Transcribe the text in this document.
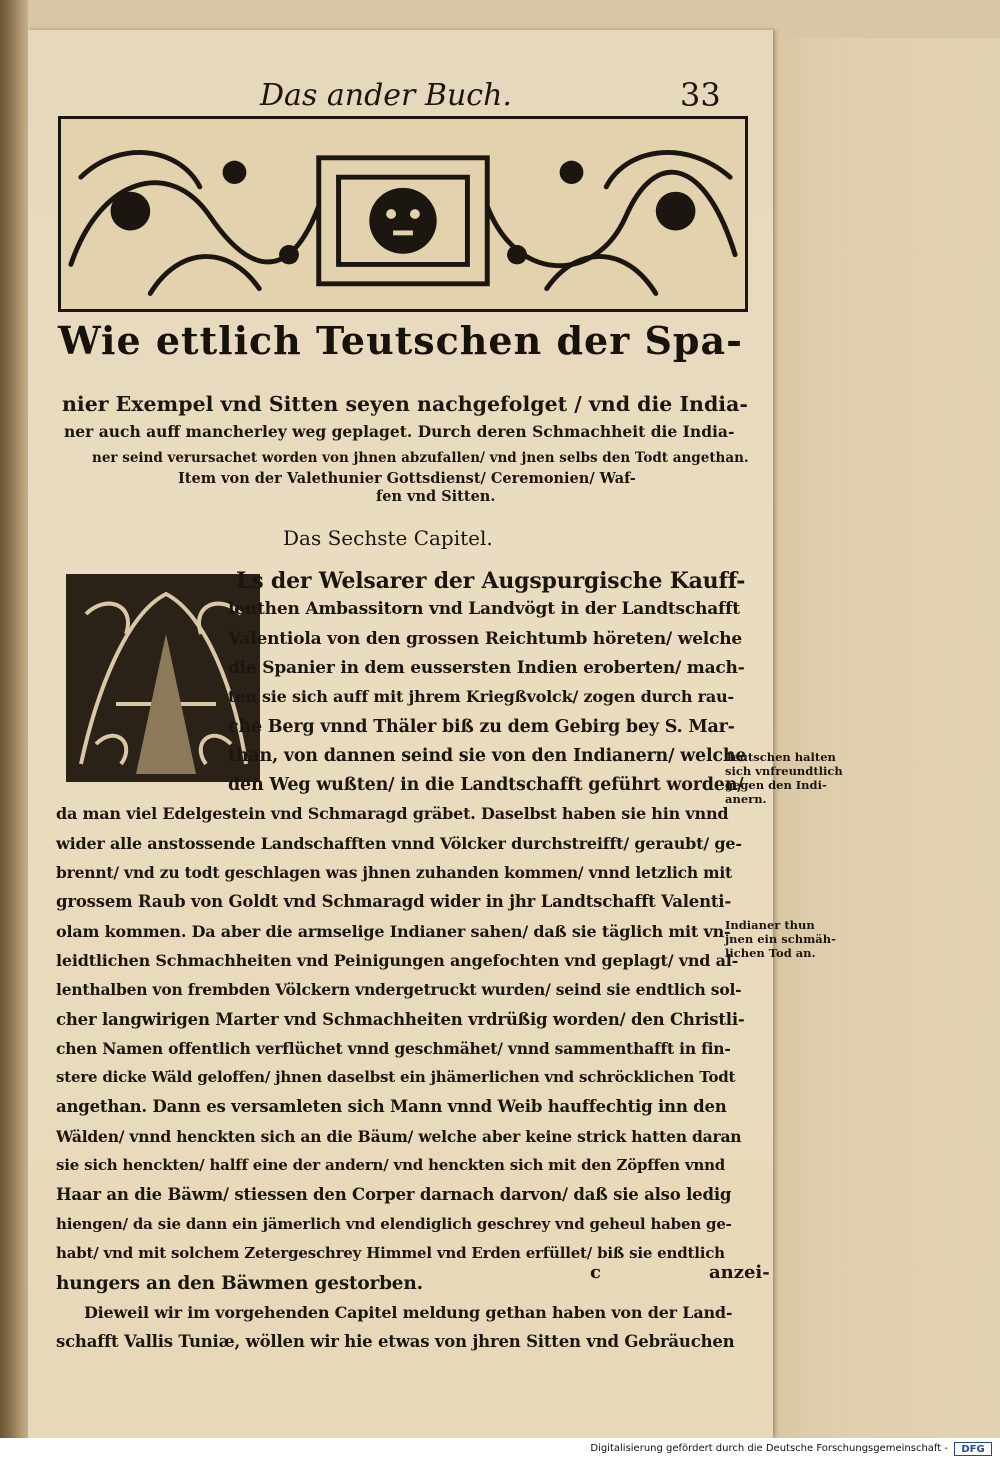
Das ander Buch.	33
Wie ettlich Teutschen der Spa-
nier Exempel vnd Sitten seyen nachgefolget / vnd die India-
ner auch auff mancherley weg geplaget. Durch deren Schmachheit die India-
ner seind verursachet worden von jhnen abzufallen/ vnd jnen selbs den Todt angethan.
Item von der Valethunier Gottsdienst/ Ceremonien/ Waf-
fen vnd Sitten.
Das Sechste Capitel.
Ls der Welsarer der Augspurgische Kauff-
leuthen Ambassitorn vnd Landvögt in der Landtschafft
Valentiola von den grossen Reichtumb höreten/ welche
die Spanier in dem eussersten Indien eroberten/ mach-
ten sie sich auff mit jhrem Kriegßvolck/ zogen durch rau-
che Berg vnnd Thäler biß zu dem Gebirg bey S. Mar-
than, von dannen seind sie von den Indianern/ welche
den Weg wußten/ in die Landtschafft geführt worden/
da man viel Edelgestein vnd Schmaragd gräbet. Daselbst haben sie hin vnnd
wider alle anstossende Landschafften vnnd Völcker durchstreifft/ geraubt/ ge-
brennt/ vnd zu todt geschlagen was jhnen zuhanden kommen/ vnnd letzlich mit
grossem Raub von Goldt vnd Schmaragd wider in jhr Landtschafft Valenti-
olam kommen. Da aber die armselige Indianer sahen/ daß sie täglich mit vn-
leidtlichen Schmachheiten vnd Peinigungen angefochten vnd geplagt/ vnd al-
lenthalben von frembden Völckern vndergetruckt wurden/ seind sie endtlich sol-
cher langwirigen Marter vnd Schmachheiten vrdrüßig worden/ den Christli-
chen Namen offentlich verflüchet vnnd geschmähet/ vnnd sammenthafft in fin-
stere dicke Wäld geloffen/ jhnen daselbst ein jhämerlichen vnd schröcklichen Todt
angethan. Dann es versamleten sich Mann vnnd Weib hauffechtig inn den
Wälden/ vnnd henckten sich an die Bäum/ welche aber keine strick hatten daran
sie sich henckten/ halff eine der andern/ vnd henckten sich mit den Zöpffen vnnd
Haar an die Bäwm/ stiessen den Corper darnach darvon/ daß sie also ledig
hiengen/ da sie dann ein jämerlich vnd elendiglich geschrey vnd geheul haben ge-
habt/ vnd mit solchem Zetergeschrey Himmel vnd Erden erfüllet/ biß sie endtlich
hungers an den Bäwmen gestorben.
Dieweil wir im vorgehenden Capitel meldung gethan haben von der Land-
schafft Vallis Tuniæ, wöllen wir hie etwas von jhren Sitten vnd Gebräuchen
Teutschen halten
sich vnfreundtlich
gegen den Indi-
anern.
Indianer thun
jnen ein schmäh-
lichen Tod an.
c	anzei-
Digitalisierung gefördert durch die Deutsche Forschungsgemeinschaft -	DFG
